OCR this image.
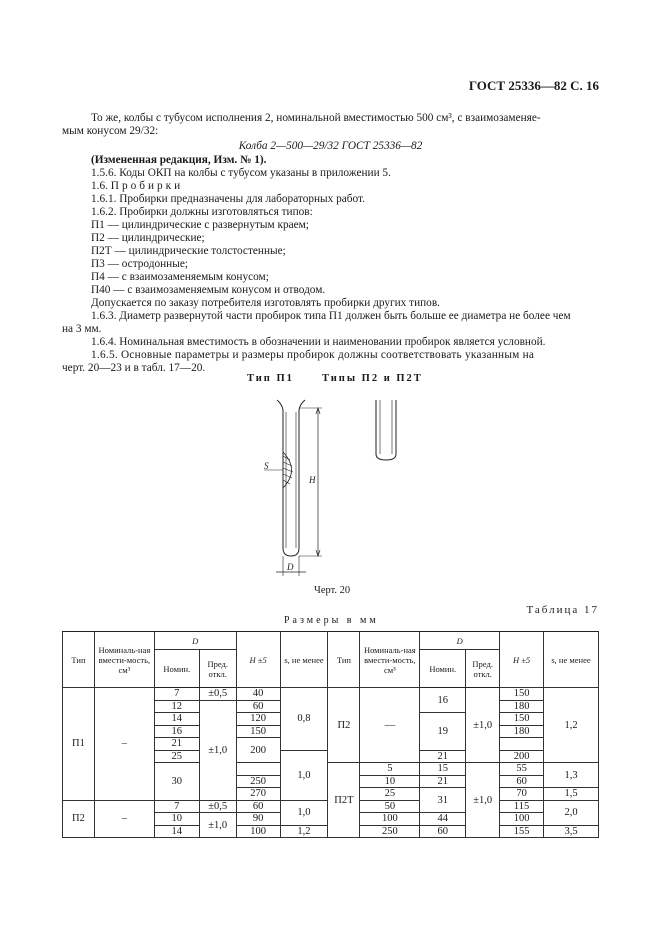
ГОСТ 25336—82 С. 16
То же, колбы с тубусом исполнения 2, номинальной вместимостью 500 см³, с взаимозаменяе-
мым конусом 29/32:
Колба 2—500—29/32 ГОСТ 25336—82
(Измененная редакция, Изм. № 1).
1.5.6. Коды ОКП на колбы с тубусом указаны в приложении 5.
1.6. Пробирки
1.6.1. Пробирки предназначены для лабораторных работ.
1.6.2. Пробирки должны изготовляться типов:
П1 — цилиндрические с развернутым краем;
П2 — цилиндрические;
П2Т — цилиндрические толстостенные;
П3 — остродонные;
П4 — с взаимозаменяемым конусом;
П40 — с взаимозаменяемым конусом и отводом.
Допускается по заказу потребителя изготовлять пробирки других типов.
1.6.3. Диаметр развернутой части пробирок типа П1 должен быть больше ее диаметра не более чем
на 3 мм.
1.6.4. Номинальная вместимость в обозначении и наименовании пробирок является условной.
1.6.5. Основные параметры и размеры пробирок должны соответствовать указанным на
черт. 20—23 и в табл. 17—20.
Тип П1	Типы П2 и П2Т
S
H
D
Черт. 20
Таблица 17
Размеры в мм
Тип	Номиналь-ная вмести-мость, см³	D		H ±5	s, не менее	Тип	Номиналь-ная вмести-мость, см³	D		H ±5	s, не менее
		Номин.	Пред. откл.					Номин.	Пред. откл.		
П1	–	7	±0,5	40	0,8	П2	—	16	±1,0	150	1,2
		12	±1,0	60						180	
		14		120				19		150	
		16		150						180	
		21		200							
		25			1,0			21		200	
		30				П2Т	5	15	±1,0	55	1,3
				250			10	21		60	
				270			25	31		70	1,5
П2	–	7	±0,5	60	1,0		50			115	2,0
		10	±1,0	90			100	44		100	
		14		100	1,2		250	60		155	3,5
